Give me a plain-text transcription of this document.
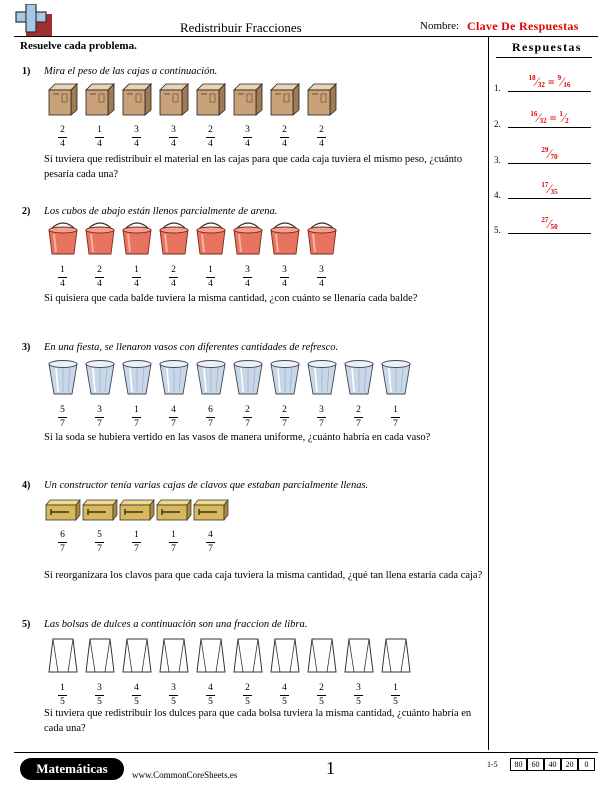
Redistribuir Fracciones	Nombre: Clave De Respuestas
Resuelve cada problema.	Respuestas
1.
$^{18}$⁄32 = $^9$⁄16
2.
$^{16}$⁄32 = $^1$⁄2
3.
$^{29}$⁄70
4.
$^{17}$⁄35
5.
$^{27}$⁄50
1) Mira el peso de las cajas a continuación.
$\frac{2}{4}$	$\frac{1}{4}$	$\frac{3}{4}$	$\frac{3}{4}$	$\frac{2}{4}$	$\frac{3}{4}$	$\frac{2}{4}$	$\frac{2}{4}$
Si tuviera que redistribuir el material en las cajas para que cada caja tuviera el mismo peso, ¿cuánto pesaría cada una?
2) Los cubos de abajo están llenos parcialmente de arena.
$\frac{1}{4}$	$\frac{2}{4}$	$\frac{1}{4}$	$\frac{2}{4}$	$\frac{1}{4}$	$\frac{3}{4}$	$\frac{3}{4}$	$\frac{3}{4}$
Si quisiera que cada balde tuviera la misma cantidad, ¿con cuánto se llenaría cada balde?
3) En una fiesta, se llenaron vasos con diferentes cantidades de refresco.
$\frac{5}{7}$	$\frac{3}{7}$	$\frac{1}{7}$	$\frac{4}{7}$	$\frac{6}{7}$	$\frac{2}{7}$	$\frac{2}{7}$	$\frac{3}{7}$	$\frac{2}{7}$	$\frac{1}{7}$
Si la soda se hubiera vertido en las vasos de manera uniforme, ¿cuánto habría en cada vaso?
4) Un constructor tenía varias cajas de clavos que estaban parcialmente llenas.
$\frac{6}{7}$	$\frac{5}{7}$	$\frac{1}{7}$	$\frac{1}{7}$	$\frac{4}{7}$
Si reorganizara los clavos para que cada caja tuviera la misma cantidad, ¿qué tan llena estaría cada caja?
5) Las bolsas de dulces a continuación son una fraccion de libra.
$\frac{1}{5}$	$\frac{3}{5}$	$\frac{4}{5}$	$\frac{3}{5}$	$\frac{4}{5}$	$\frac{2}{5}$	$\frac{4}{5}$	$\frac{2}{5}$	$\frac{3}{5}$	$\frac{1}{5}$
Si tuviera que redistribuir los dulces para que cada bolsa tuviera la misma cantidad, ¿cuánto habría en cada una?
Matemáticas	www.CommonCoreSheets.es	1	1-5	80	60	40	20	0
